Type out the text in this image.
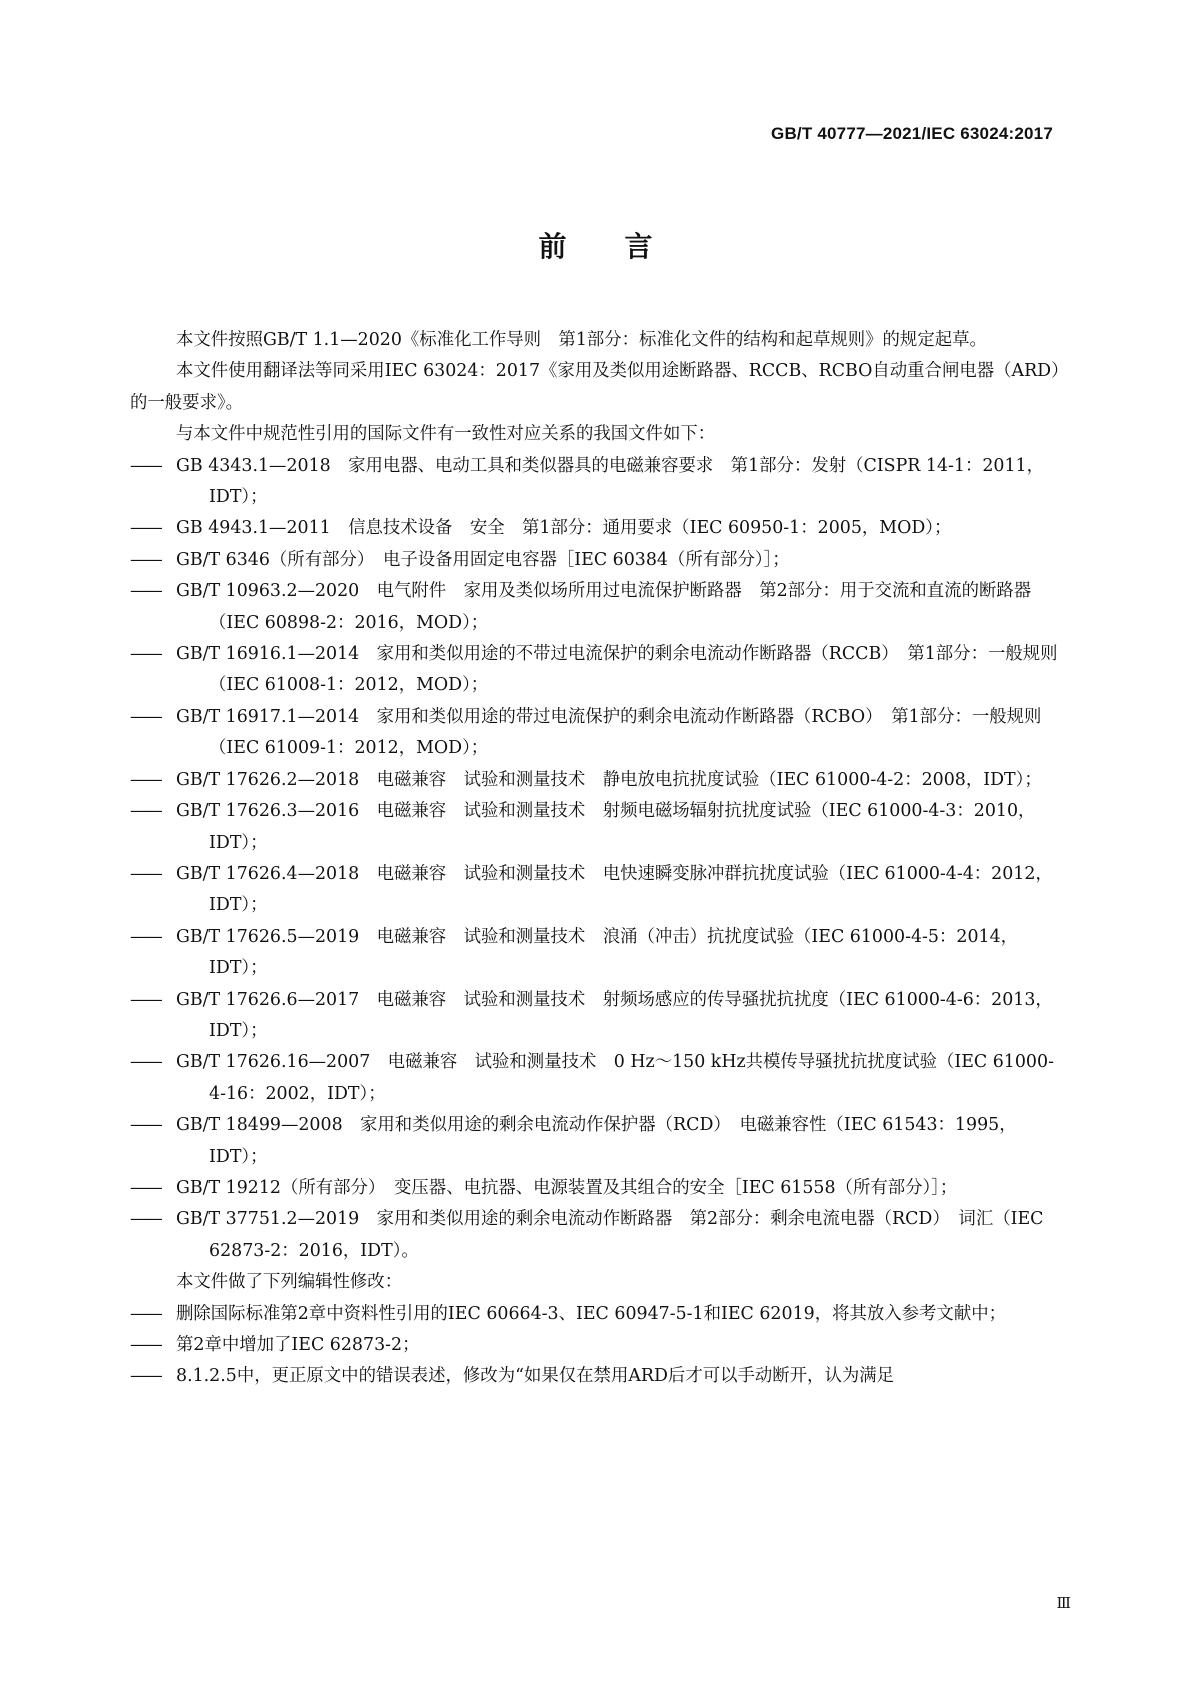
GB/T 40777—2021/IEC 63024:2017
前 言

本文件按照GB/T 1.1—2020《标准化工作导则　第1部分：标准化文件的结构和起草规则》的规定起草。

本文件使用翻译法等同采用IEC 63024：2017《家用及类似用途断路器、RCCB、RCBO自动重合闸电器（ARD）的一般要求》。

与本文件中规范性引用的国际文件有一致性对应关系的我国文件如下：

—— GB 4343.1—2018　家用电器、电动工具和类似器具的电磁兼容要求　第1部分：发射（CISPR 14-1：2011，IDT）；

—— GB 4943.1—2011　信息技术设备　安全　第1部分：通用要求（IEC 60950-1：2005，MOD）；

—— GB/T 6346（所有部分）　电子设备用固定电容器［IEC 60384（所有部分）］；

—— GB/T 10963.2—2020　电气附件　家用及类似场所用过电流保护断路器　第2部分：用于交流和直流的断路器（IEC 60898-2：2016，MOD）；

—— GB/T 16916.1—2014　家用和类似用途的不带过电流保护的剩余电流动作断路器（RCCB）　第1部分：一般规则（IEC 61008-1：2012，MOD）；

—— GB/T 16917.1—2014　家用和类似用途的带过电流保护的剩余电流动作断路器（RCBO）　第1部分：一般规则（IEC 61009-1：2012，MOD）；

—— GB/T 17626.2—2018　电磁兼容　试验和测量技术　静电放电抗扰度试验（IEC 61000-4-2：2008，IDT）；

—— GB/T 17626.3—2016　电磁兼容　试验和测量技术　射频电磁场辐射抗扰度试验（IEC 61000-4-3：2010，IDT）；

—— GB/T 17626.4—2018　电磁兼容　试验和测量技术　电快速瞬变脉冲群抗扰度试验（IEC 61000-4-4：2012，IDT）；

—— GB/T 17626.5—2019　电磁兼容　试验和测量技术　浪涌（冲击）抗扰度试验（IEC 61000-4-5：2014，IDT）；

—— GB/T 17626.6—2017　电磁兼容　试验和测量技术　射频场感应的传导骚扰抗扰度（IEC 61000-4-6：2013，IDT）；

—— GB/T 17626.16—2007　电磁兼容　试验和测量技术　0 Hz～150 kHz共模传导骚扰抗扰度试验（IEC 61000-4-16：2002，IDT）；

—— GB/T 18499—2008　家用和类似用途的剩余电流动作保护器（RCD）　电磁兼容性（IEC 61543：1995，IDT）；

—— GB/T 19212（所有部分）　变压器、电抗器、电源装置及其组合的安全［IEC 61558（所有部分）］；

—— GB/T 37751.2—2019　家用和类似用途的剩余电流动作断路器　第2部分：剩余电流电器（RCD）　词汇（IEC 62873-2：2016，IDT）。

本文件做了下列编辑性修改：

—— 删除国际标准第2章中资料性引用的IEC 60664-3、IEC 60947-5-1和IEC 62019，将其放入参考文献中；

—— 第2章中增加了IEC 62873-2；

—— 8.1.2.5中，更正原文中的错误表述，修改为“如果仅在禁用ARD后才可以手动断开，认为满足

Ⅲ
